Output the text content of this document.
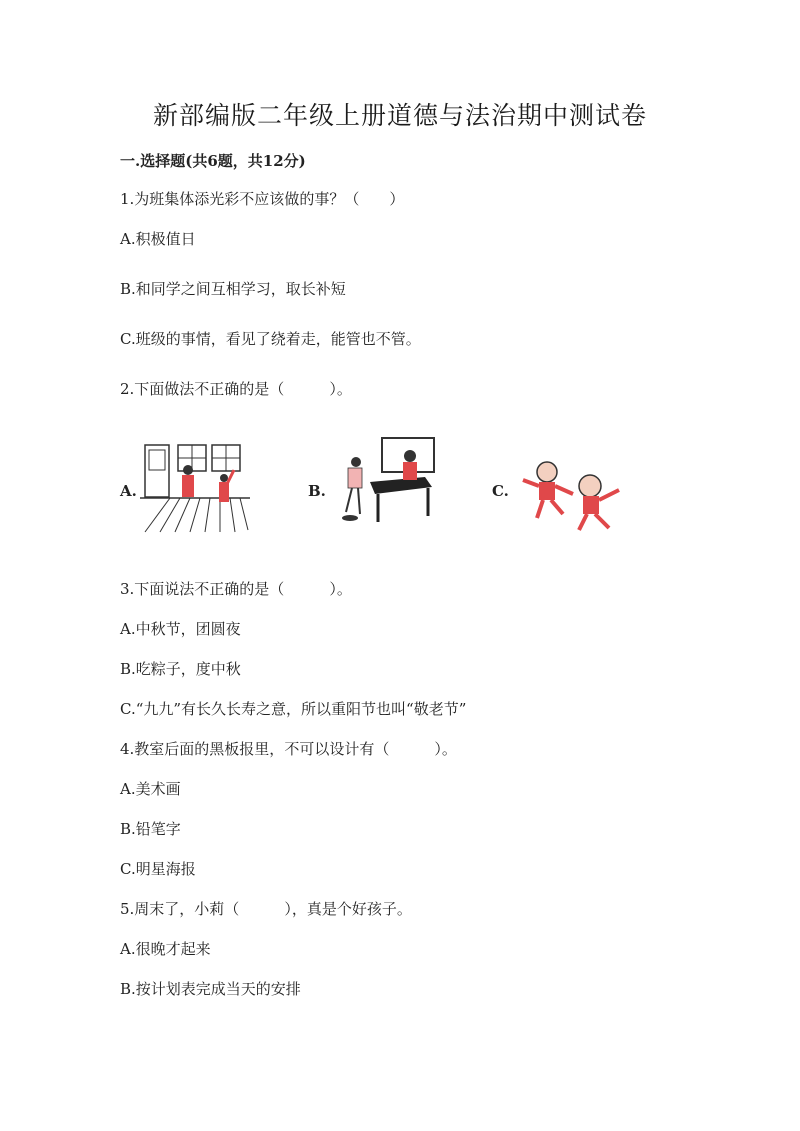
新部编版二年级上册道德与法治期中测试卷
一.选择题(共6题，共12分)
1.为班集体添光彩不应该做的事？（　　）
A.积极值日
B.和同学之间互相学习，取长补短
C.班级的事情，看见了绕着走，能管也不管。
2.下面做法不正确的是（　　　）。
A.	B.	C.
3.下面说法不正确的是（　　　）。
A.中秋节，团圆夜
B.吃粽子，度中秋
C.“九九”有长久长寿之意，所以重阳节也叫“敬老节”
4.教室后面的黑板报里，不可以设计有（　　　）。
A.美术画
B.铅笔字
C.明星海报
5.周末了，小莉（　　　），真是个好孩子。
A.很晚才起来
B.按计划表完成当天的安排
